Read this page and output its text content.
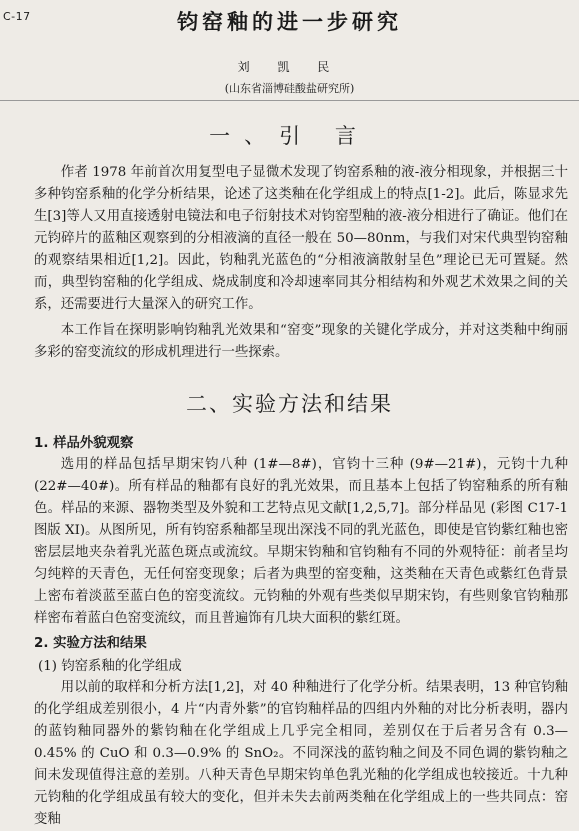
C-17	钧窑釉的进一步研究
刘 凯 民
(山东省淄博硅酸盐研究所)
一、引 言

作者 1978 年前首次用复型电子显微术发现了钧窑系釉的液-液分相现象，并根据三十多种钧窑系釉的化学分析结果，论述了这类釉在化学组成上的特点[1-2]。此后，陈显求先生[3]等人又用直接透射电镜法和电子衍射技术对钧窑型釉的液-液分相进行了确证。他们在元钧碎片的蓝釉区观察到的分相液滴的直径一般在 50—80nm，与我们对宋代典型钧窑釉的观察结果相近[1,2]。因此，钧釉乳光蓝色的“分相液滴散射呈色”理论已无可置疑。然而，典型钧窑釉的化学组成、烧成制度和冷却速率同其分相结构和外观艺术效果之间的关系，还需要进行大量深入的研究工作。

本工作旨在探明影响钧釉乳光效果和“窑变”现象的关键化学成分，并对这类釉中绚丽多彩的窑变流纹的形成机理进行一些探索。

二、实验方法和结果
1. 样品外貌观察

选用的样品包括早期宋钧八种 (1#—8#)，官钧十三种 (9#—21#)，元钧十九种 (22#—40#)。所有样品的釉都有良好的乳光效果，而且基本上包括了钧窑釉系的所有釉色。样品的来源、器物类型及外貌和工艺特点见文献[1,2,5,7]。部分样品见 (彩图 C17-1 图版 XI)。从图所见，所有钧窑系釉都呈现出深浅不同的乳光蓝色，即使是官钧紫红釉也密密层层地夹杂着乳光蓝色斑点或流纹。早期宋钧釉和官钧釉有不同的外观特征：前者呈均匀纯粹的天青色，无任何窑变现象；后者为典型的窑变釉，这类釉在天青色或紫红色背景上密布着淡蓝至蓝白色的窑变流纹。元钧釉的外观有些类似早期宋钧，有些则象官钧釉那样密布着蓝白色窑变流纹，而且普遍饰有几块大面积的紫红斑。

2. 实验方法和结果
(1) 钧窑系釉的化学组成

用以前的取样和分析方法[1,2]，对 40 种釉进行了化学分析。结果表明，13 种官钧釉的化学组成差别很小，4 片“内青外紫”的官钧釉样品的四组内外釉的对比分析表明，器内的蓝钧釉同器外的紫钧釉在化学组成上几乎完全相同，差别仅在于后者另含有 0.3—0.45% 的 CuO 和 0.3—0.9% 的 SnO₂。不同深浅的蓝钧釉之间及不同色调的紫钧釉之间未发现值得注意的差别。八种天青色早期宋钧单色乳光釉的化学组成也较接近。十九种元钧釉的化学组成虽有较大的变化，但并未失去前两类釉在化学组成上的一些共同点：窑变釉
